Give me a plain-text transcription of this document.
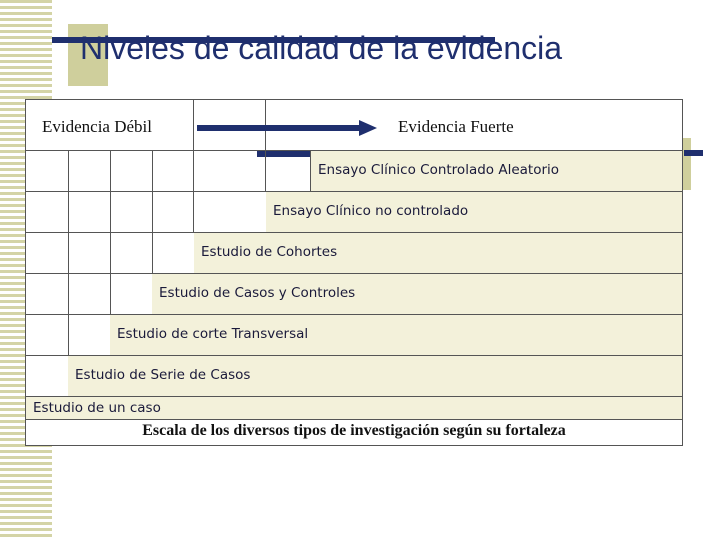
Niveles de calidad de la evidencia
Evidencia Débil	Evidencia Fuerte
Ensayo Clínico Controlado Aleatorio
Ensayo Clínico no controlado
Estudio de Cohortes
Estudio de Casos y Controles
Estudio de corte Transversal
Estudio de Serie de Casos
Estudio de un caso
Escala de los diversos tipos de investigación según su fortaleza
